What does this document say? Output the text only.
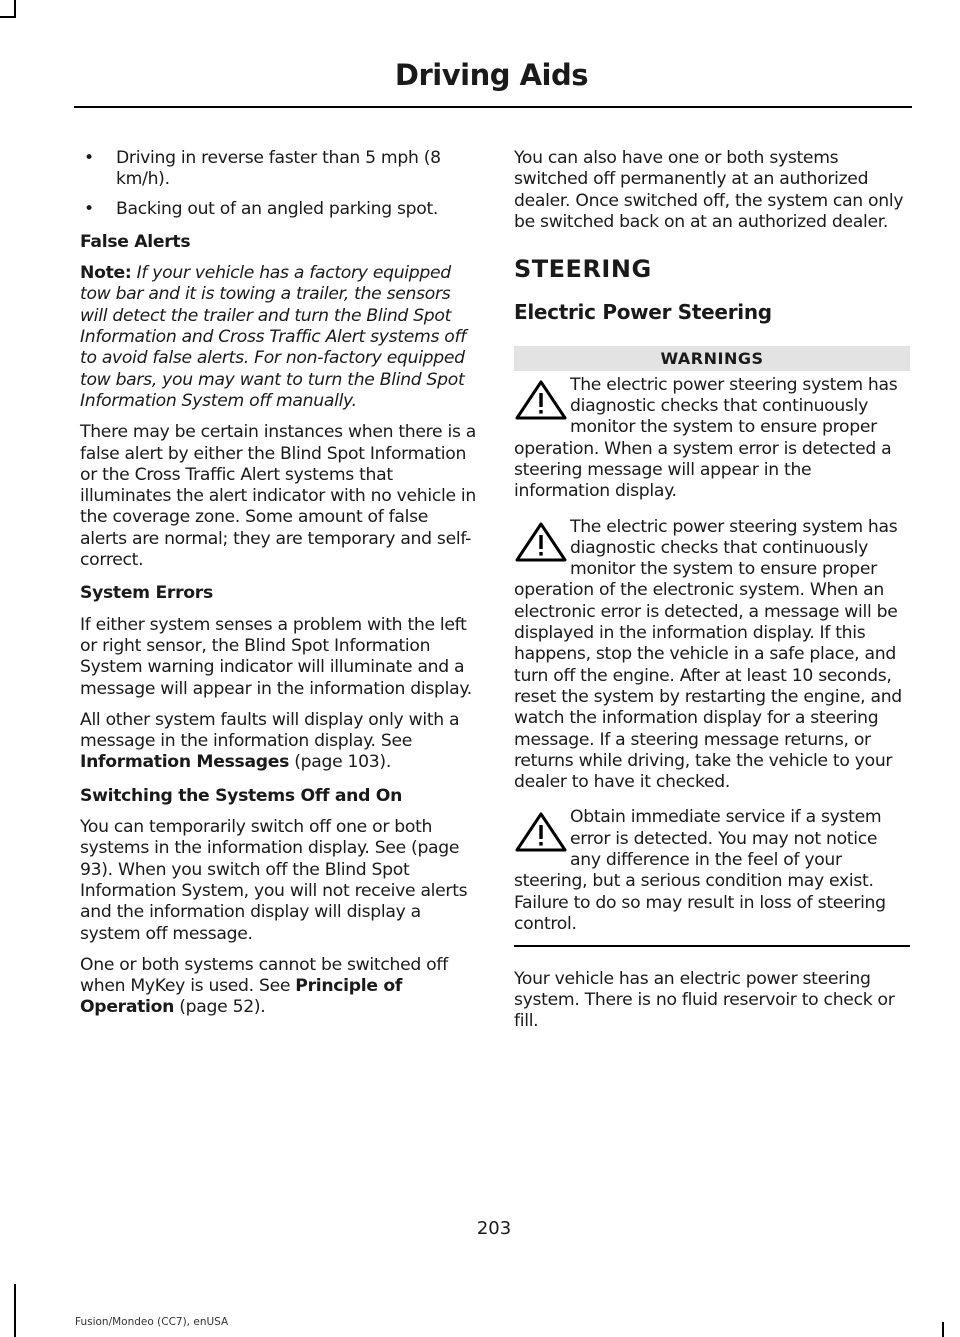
Driving Aids
•	Driving in reverse faster than 5 mph (8 km/h).
•	Backing out of an angled parking spot.

False Alerts

Note: If your vehicle has a factory equipped tow bar and it is towing a trailer, the sensors will detect the trailer and turn the Blind Spot Information and Cross Traffic Alert systems off to avoid false alerts. For non-factory equipped tow bars, you may want to turn the Blind Spot Information System off manually.

There may be certain instances when there is a false alert by either the Blind Spot Information or the Cross Traffic Alert systems that illuminates the alert indicator with no vehicle in the coverage zone. Some amount of false alerts are normal; they are temporary and self-correct.

System Errors

If either system senses a problem with the left or right sensor, the Blind Spot Information System warning indicator will illuminate and a message will appear in the information display.

All other system faults will display only with a message in the information display. See Information Messages (page 103).

Switching the Systems Off and On

You can temporarily switch off one or both systems in the information display. See (page 93). When you switch off the Blind Spot Information System, you will not receive alerts and the information display will display a system off message.

One or both systems cannot be switched off when MyKey is used. See Principle of Operation (page 52).

You can also have one or both systems switched off permanently at an authorized dealer. Once switched off, the system can only be switched back on at an authorized dealer.

STEERING
Electric Power Steering
WARNINGS
The electric power steering system has diagnostic checks that continuously monitor the system to ensure proper operation. When a system error is detected a steering message will appear in the information display.
The electric power steering system has diagnostic checks that continuously monitor the system to ensure proper operation of the electronic system. When an electronic error is detected, a message will be displayed in the information display. If this happens, stop the vehicle in a safe place, and turn off the engine. After at least 10 seconds, reset the system by restarting the engine, and watch the information display for a steering message. If a steering message returns, or returns while driving, take the vehicle to your dealer to have it checked.
Obtain immediate service if a system error is detected. You may not notice any difference in the feel of your steering, but a serious condition may exist. Failure to do so may result in loss of steering control.

Your vehicle has an electric power steering system. There is no fluid reservoir to check or fill.

203
Fusion/Mondeo (CC7), enUSA
